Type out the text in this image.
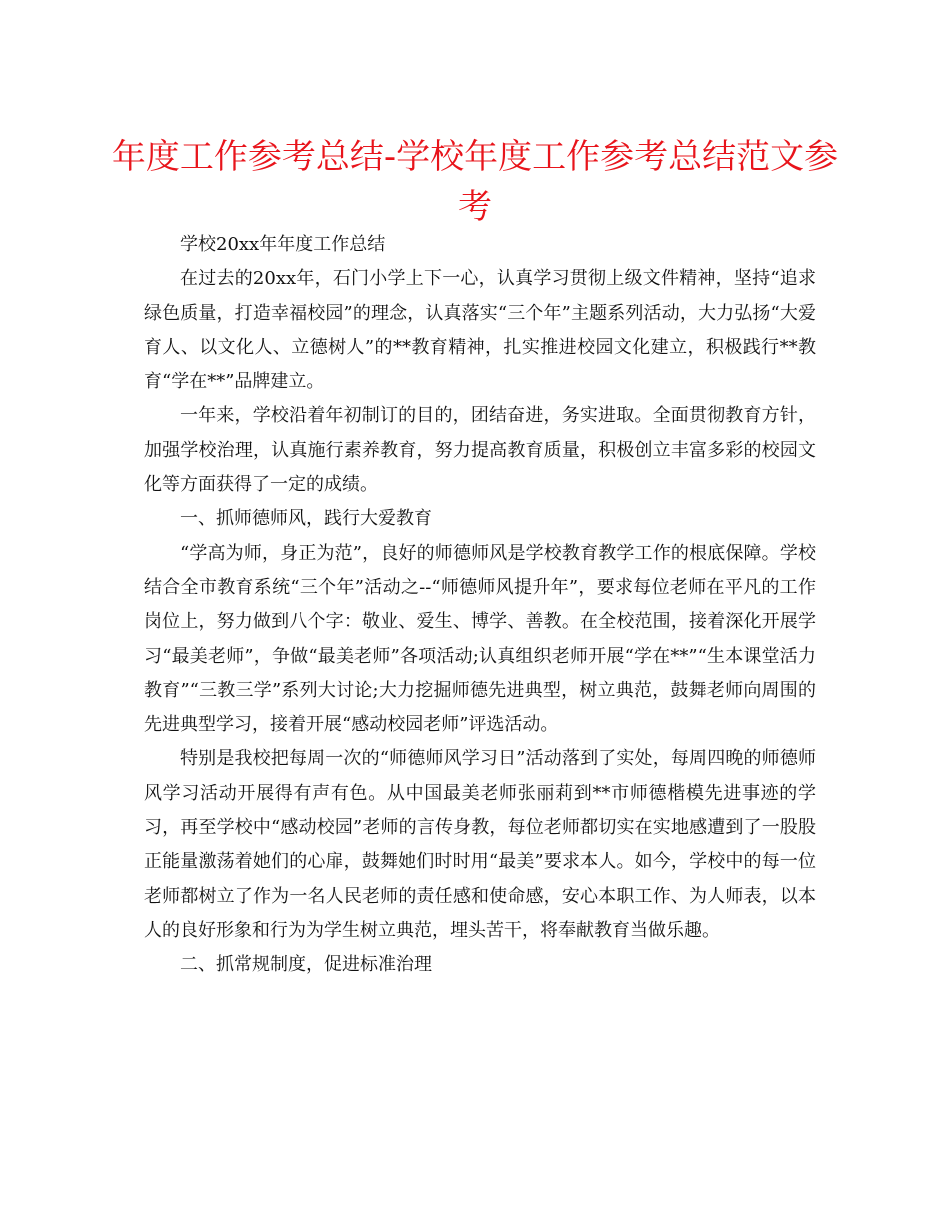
年度工作参考总结-学校年度工作参考总结范文参考

学校20xx年年度工作总结

在过去的20xx年，石门小学上下一心，认真学习贯彻上级文件精神，坚持“追求绿色质量，打造幸福校园”的理念，认真落实“三个年”主题系列活动，大力弘扬“大爱育人、以文化人、立德树人”的**教育精神，扎实推进校园文化建立，积极践行**教育“学在**”品牌建立。

一年来，学校沿着年初制订的目的，团结奋进，务实进取。全面贯彻教育方针，加强学校治理，认真施行素养教育，努力提高教育质量，积极创立丰富多彩的校园文化等方面获得了一定的成绩。

一、抓师德师风，践行大爱教育

“学高为师，身正为范”，良好的师德师风是学校教育教学工作的根底保障。学校结合全市教育系统“三个年”活动之--“师德师风提升年”，要求每位老师在平凡的工作岗位上，努力做到八个字：敬业、爱生、博学、善教。在全校范围，接着深化开展学习“最美老师”，争做“最美老师”各项活动;认真组织老师开展“学在**”“生本课堂活力教育”“三教三学”系列大讨论;大力挖掘师德先进典型，树立典范，鼓舞老师向周围的先进典型学习，接着开展“感动校园老师”评选活动。

特别是我校把每周一次的“师德师风学习日”活动落到了实处，每周四晚的师德师风学习活动开展得有声有色。从中国最美老师张丽莉到**市师德楷模先进事迹的学习，再至学校中“感动校园”老师的言传身教，每位老师都切实在实地感遭到了一股股正能量激荡着她们的心扉，鼓舞她们时时用“最美”要求本人。如今，学校中的每一位老师都树立了作为一名人民老师的责任感和使命感，安心本职工作、为人师表，以本人的良好形象和行为为学生树立典范，埋头苦干，将奉献教育当做乐趣。

二、抓常规制度，促进标准治理
